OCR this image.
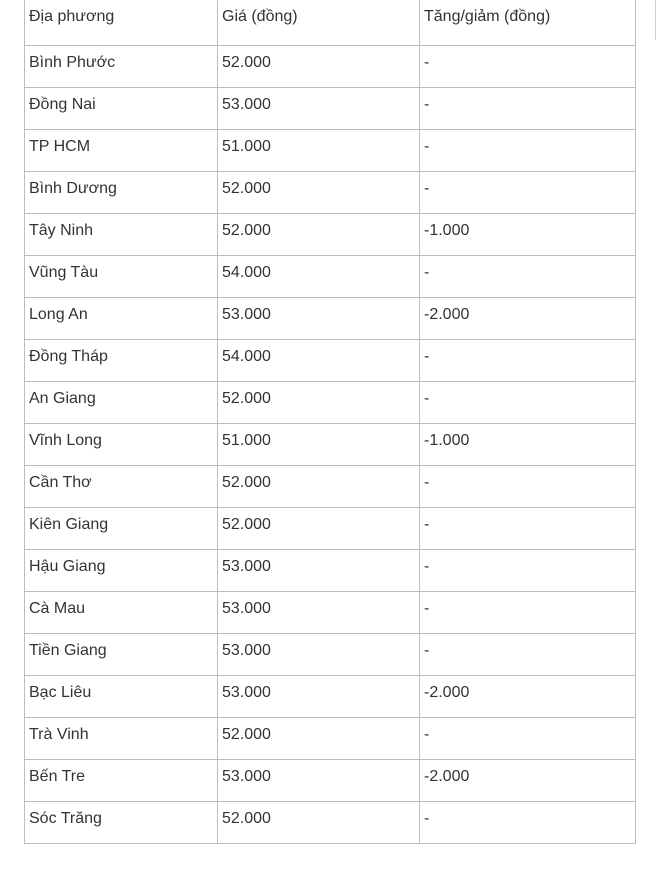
Địa phương	Giá (đồng)	Tăng/giảm (đồng)

Bình Phước	52.000	-

Đồng Nai	53.000	-

TP HCM	51.000	-

Bình Dương	52.000	-

Tây Ninh	52.000	-1.000

Vũng Tàu	54.000	-

Long An	53.000	-2.000

Đồng Tháp	54.000	-

An Giang	52.000	-

Vĩnh Long	51.000	-1.000

Cần Thơ	52.000	-

Kiên Giang	52.000	-

Hậu Giang	53.000	-

Cà Mau	53.000	-

Tiền Giang	53.000	-

Bạc Liêu	53.000	-2.000

Trà Vinh	52.000	-

Bến Tre	53.000	-2.000

Sóc Trăng	52.000	-
